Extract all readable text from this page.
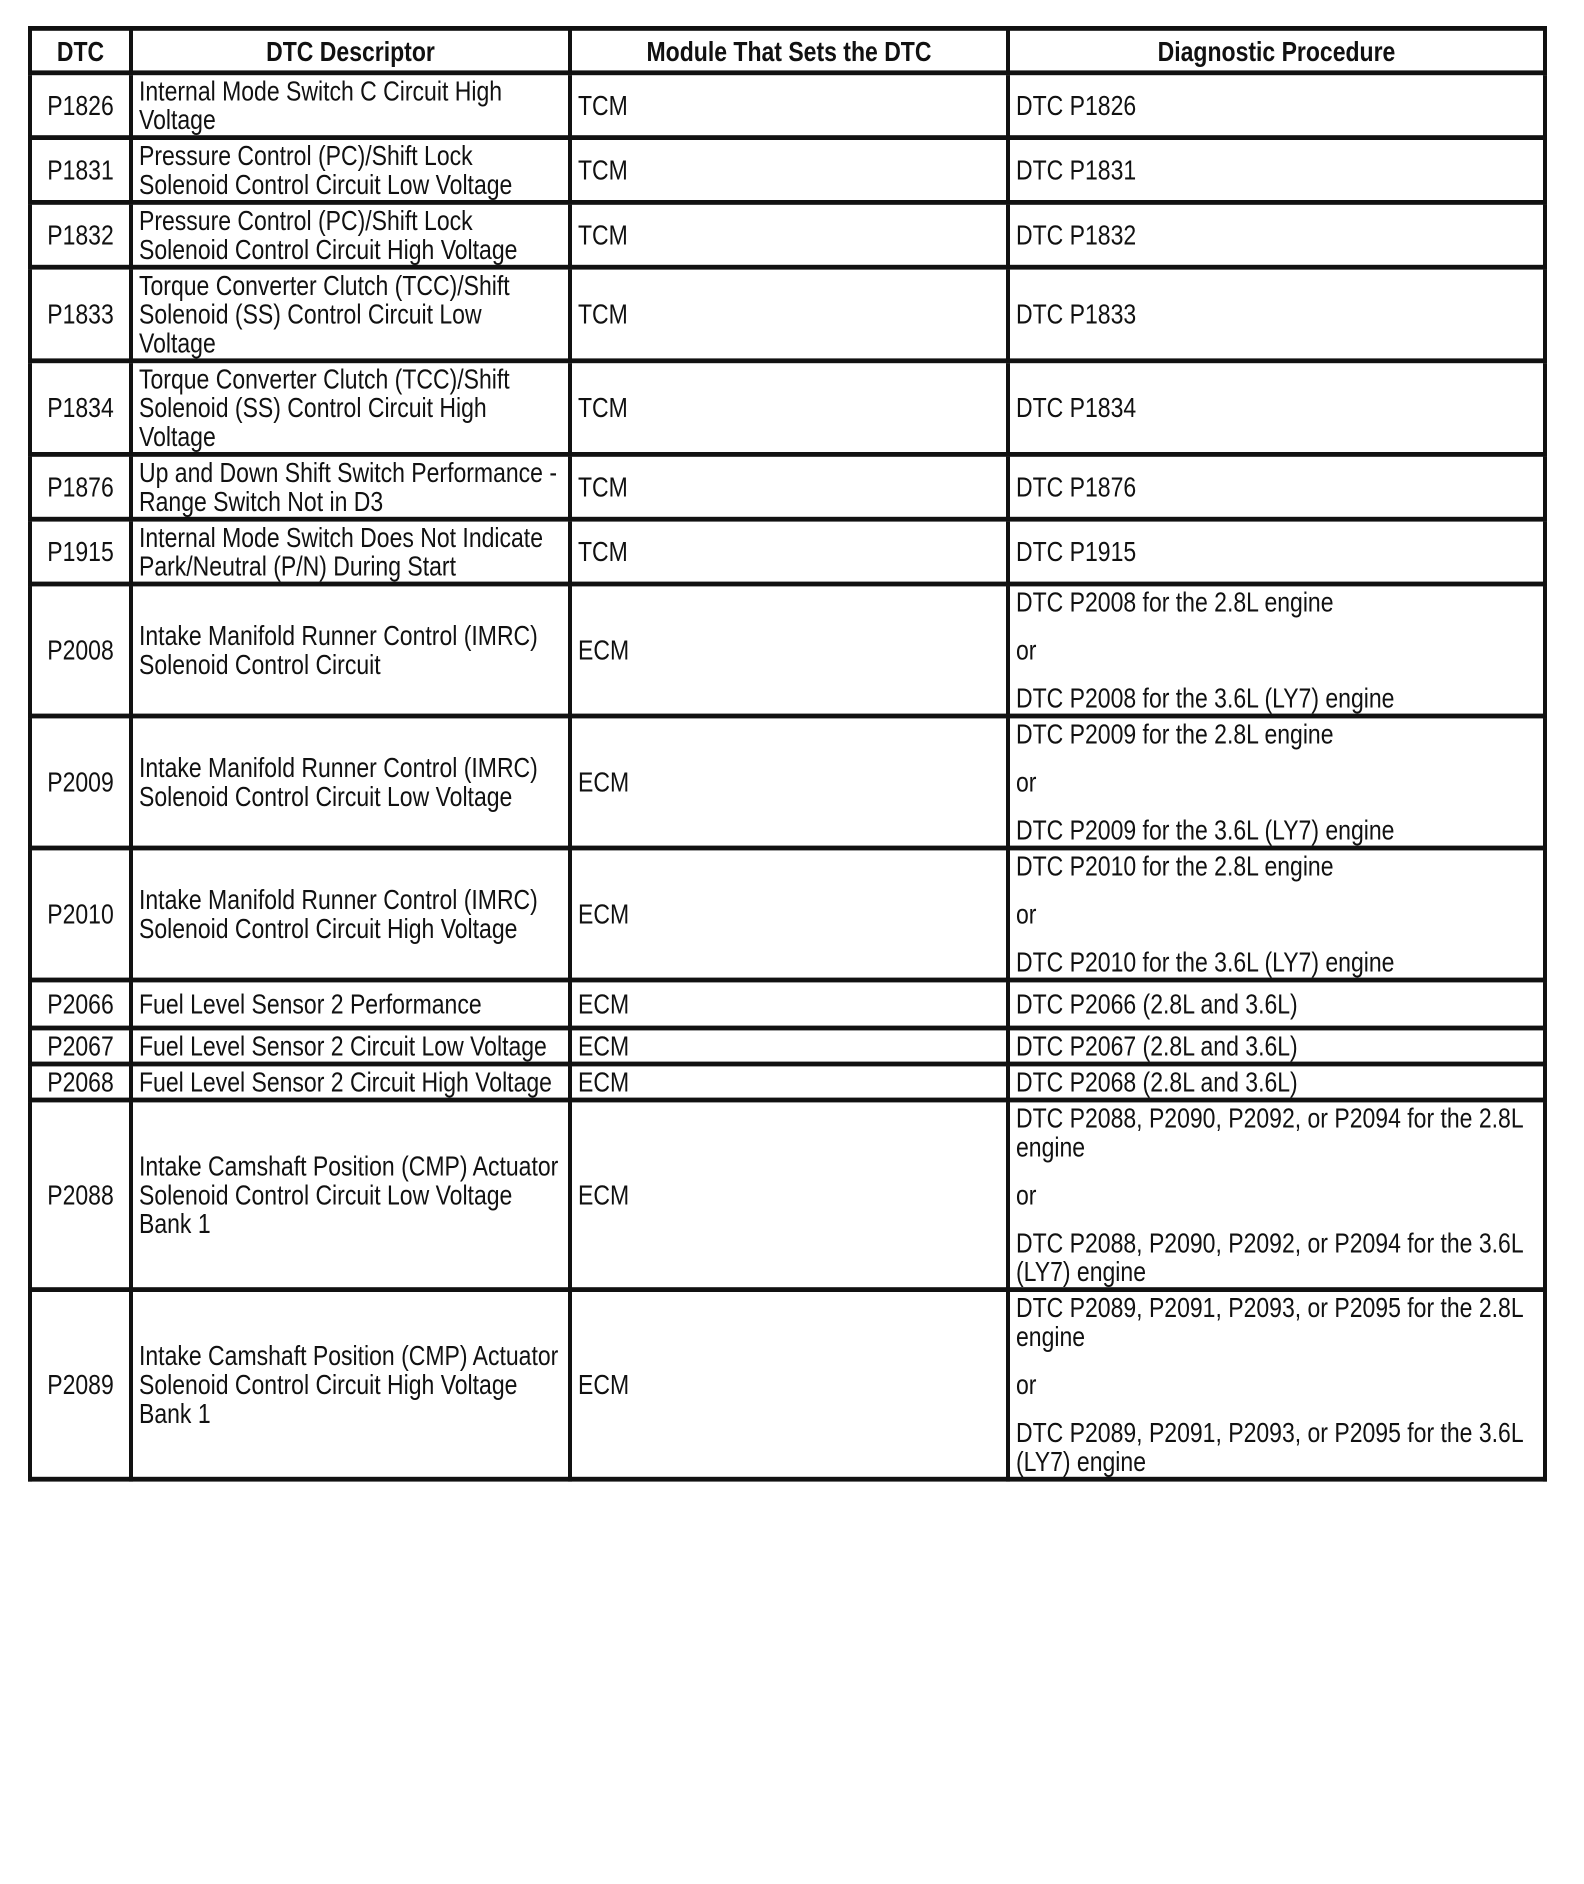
DTC	DTC Descriptor	Module That Sets the DTC	Diagnostic Procedure
P1826	Internal Mode Switch C Circuit High Voltage	TCM	DTC P1826

P1831	Pressure Control (PC)/Shift Lock Solenoid Control Circuit Low Voltage	TCM	DTC P1831

P1832	Pressure Control (PC)/Shift Lock Solenoid Control Circuit High Voltage	TCM	DTC P1832

P1833	Torque Converter Clutch (TCC)/Shift Solenoid (SS) Control Circuit Low Voltage	TCM	DTC P1833

P1834	Torque Converter Clutch (TCC)/Shift Solenoid (SS) Control Circuit High Voltage	TCM	DTC P1834

P1876	Up and Down Shift Switch Performance - Range Switch Not in D3	TCM	DTC P1876

P1915	Internal Mode Switch Does Not Indicate Park/Neutral (P/N) During Start	TCM	DTC P1915

P2008	Intake Manifold Runner Control (IMRC) Solenoid Control Circuit	ECM	DTC P2008 for the 2.8L engine

or

DTC P2008 for the 3.6L (LY7) engine

P2009	Intake Manifold Runner Control (IMRC) Solenoid Control Circuit Low Voltage	ECM	DTC P2009 for the 2.8L engine

or

DTC P2009 for the 3.6L (LY7) engine

P2010	Intake Manifold Runner Control (IMRC) Solenoid Control Circuit High Voltage	ECM	DTC P2010 for the 2.8L engine

or

DTC P2010 for the 3.6L (LY7) engine

P2066	Fuel Level Sensor 2 Performance	ECM	DTC P2066 (2.8L and 3.6L)

P2067	Fuel Level Sensor 2 Circuit Low Voltage	ECM	DTC P2067 (2.8L and 3.6L)

P2068	Fuel Level Sensor 2 Circuit High Voltage	ECM	DTC P2068 (2.8L and 3.6L)

P2088	Intake Camshaft Position (CMP) Actuator Solenoid Control Circuit Low Voltage Bank 1	ECM	DTC P2088, P2090, P2092, or P2094 for the 2.8L engine

or

DTC P2088, P2090, P2092, or P2094 for the 3.6L (LY7) engine

P2089	Intake Camshaft Position (CMP) Actuator Solenoid Control Circuit High Voltage Bank 1	ECM	DTC P2089, P2091, P2093, or P2095 for the 2.8L engine

or

DTC P2089, P2091, P2093, or P2095 for the 3.6L (LY7) engine
